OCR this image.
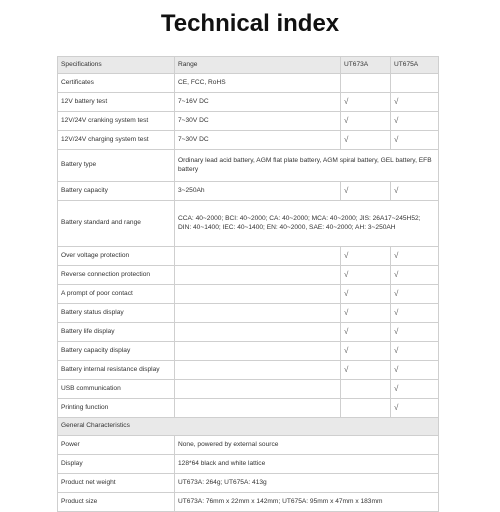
Technical index
Specifications	Range	UT673A	UT675A
Certificates	CE, FCC, RoHS		
12V battery test	7~16V DC	√	√
12V/24V cranking system test	7~30V DC	√	√
12V/24V charging system test	7~30V DC	√	√
Battery type	Ordinary lead acid battery, AGM flat plate battery, AGM spiral battery, GEL battery, EFB battery		
Battery capacity	3~250Ah	√	√
Battery standard and range	CCA: 40~2000; BCI: 40~2000; CA: 40~2000; MCA: 40~2000; JIS: 26A17~245H52; DIN: 40~1400; IEC: 40~1400; EN: 40~2000, SAE: 40~2000; AH: 3~250AH		
Over voltage protection		√	√
Reverse connection protection		√	√
A prompt of poor contact		√	√
Battery status display		√	√
Battery life display		√	√
Battery capacity display		√	√
Battery internal resistance display		√	√
USB communication			√
Printing function			√
General Characteristics			
Power	None, powered by external source		
Display	128*64 black and white lattice		
Product net weight	UT673A: 264g; UT675A: 413g		
Product size	UT673A: 76mm x 22mm x 142mm; UT675A: 95mm x 47mm x 183mm		
